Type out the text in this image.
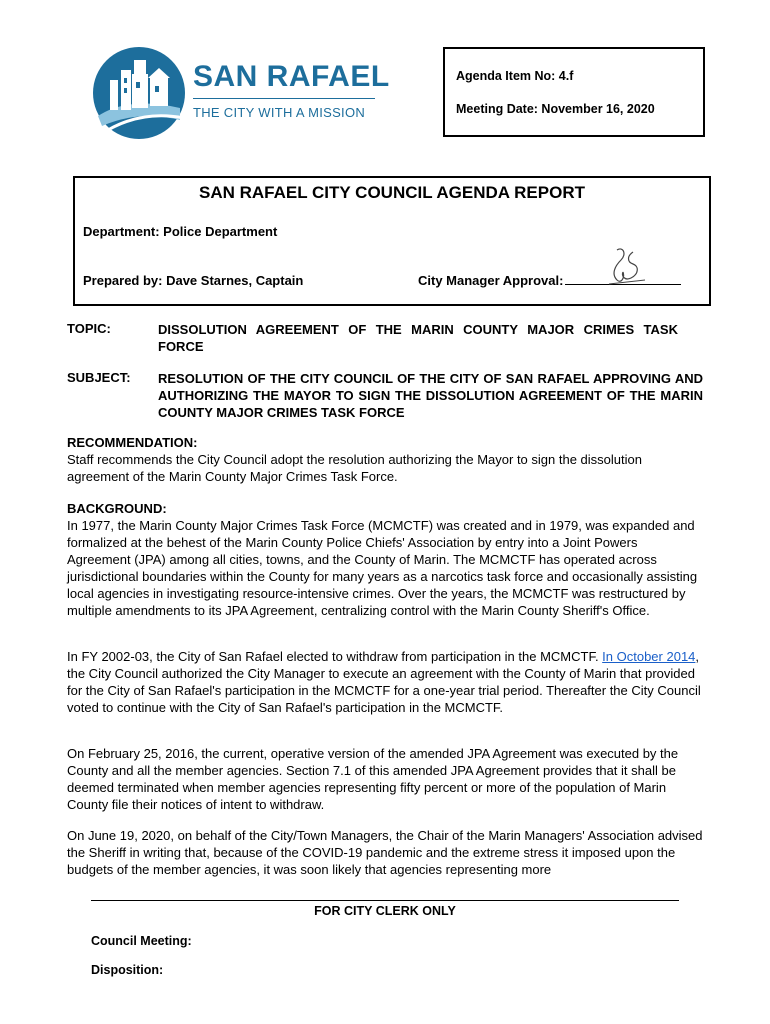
SAN RAFAEL
THE CITY WITH A MISSION
Agenda Item No: 4.f
Meeting Date: November 16, 2020
SAN RAFAEL CITY COUNCIL AGENDA REPORT
Department: Police Department
Prepared by: Dave Starnes, Captain	City Manager Approval:
TOPIC:	DISSOLUTION AGREEMENT OF THE MARIN COUNTY MAJOR CRIMES TASK FORCE
SUBJECT: RESOLUTION OF THE CITY COUNCIL OF THE CITY OF SAN RAFAEL APPROVING AND AUTHORIZING THE MAYOR TO SIGN THE DISSOLUTION AGREEMENT OF THE MARIN COUNTY MAJOR CRIMES TASK FORCE
RECOMMENDATION:
Staff recommends the City Council adopt the resolution authorizing the Mayor to sign the dissolution agreement of the Marin County Major Crimes Task Force.
BACKGROUND:
In 1977, the Marin County Major Crimes Task Force (MCMCTF) was created and in 1979, was expanded and formalized at the behest of the Marin County Police Chiefs' Association by entry into a Joint Powers Agreement (JPA) among all cities, towns, and the County of Marin. The MCMCTF has operated across jurisdictional boundaries within the County for many years as a narcotics task force and occasionally assisting local agencies in investigating resource-intensive crimes. Over the years, the MCMCTF was restructured by multiple amendments to its JPA Agreement, centralizing control with the Marin County Sheriff's Office.
In FY 2002-03, the City of San Rafael elected to withdraw from participation in the MCMCTF. In October 2014, the City Council authorized the City Manager to execute an agreement with the County of Marin that provided for the City of San Rafael's participation in the MCMCTF for a one-year trial period. Thereafter the City Council voted to continue with the City of San Rafael's participation in the MCMCTF.
On February 25, 2016, the current, operative version of the amended JPA Agreement was executed by the County and all the member agencies. Section 7.1 of this amended JPA Agreement provides that it shall be deemed terminated when member agencies representing fifty percent or more of the population of Marin County file their notices of intent to withdraw.
On June 19, 2020, on behalf of the City/Town Managers, the Chair of the Marin Managers' Association advised the Sheriff in writing that, because of the COVID-19 pandemic and the extreme stress it imposed upon the budgets of the member agencies, it was soon likely that agencies representing more
FOR CITY CLERK ONLY
Council Meeting:
Disposition:
